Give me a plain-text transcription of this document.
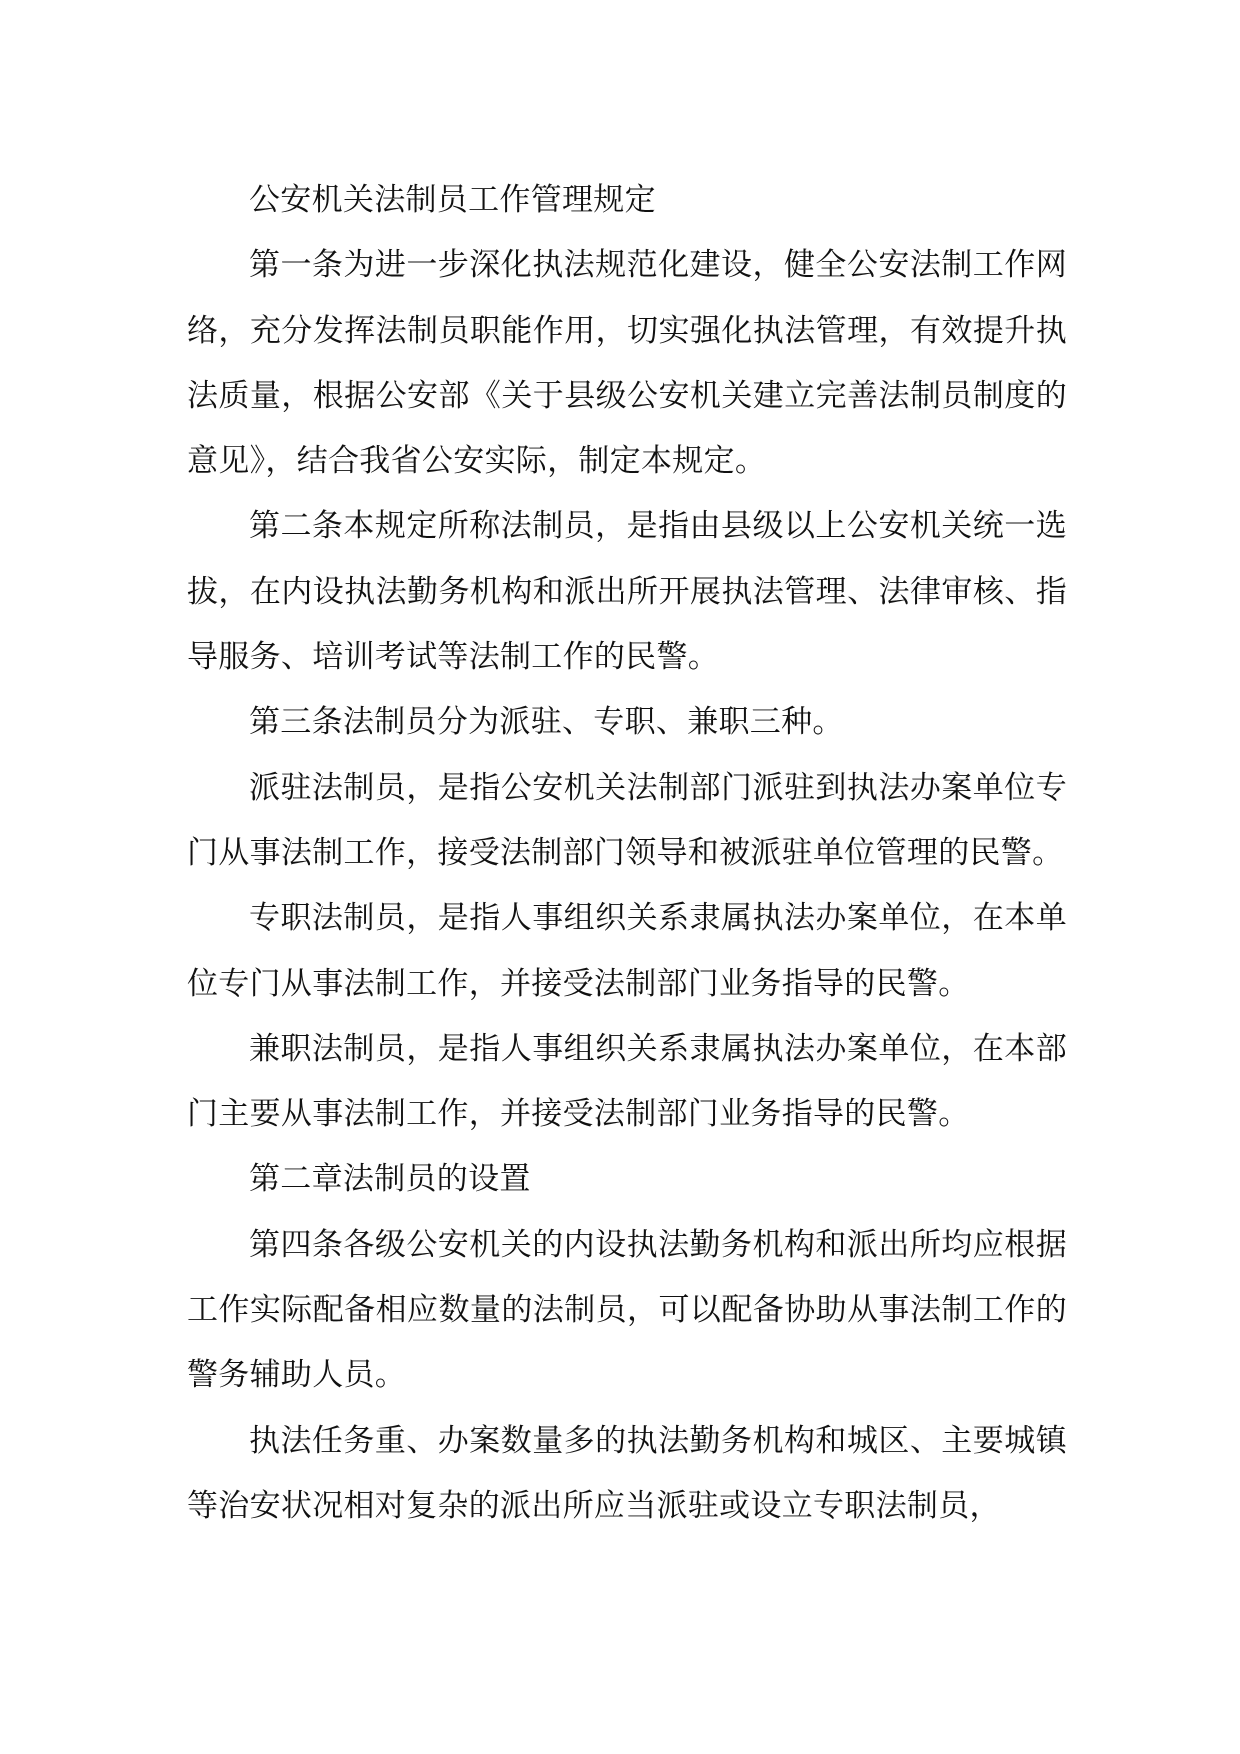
公安机关法制员工作管理规定

第一条为进一步深化执法规范化建设，健全公安法制工作网络，充分发挥法制员职能作用，切实强化执法管理，有效提升执法质量，根据公安部《关于县级公安机关建立完善法制员制度的意见》，结合我省公安实际，制定本规定。

第二条本规定所称法制员，是指由县级以上公安机关统一选拔，在内设执法勤务机构和派出所开展执法管理、法律审核、指导服务、培训考试等法制工作的民警。

第三条法制员分为派驻、专职、兼职三种。

派驻法制员，是指公安机关法制部门派驻到执法办案单位专门从事法制工作，接受法制部门领导和被派驻单位管理的民警。

专职法制员，是指人事组织关系隶属执法办案单位，在本单位专门从事法制工作，并接受法制部门业务指导的民警。

兼职法制员，是指人事组织关系隶属执法办案单位，在本部门主要从事法制工作，并接受法制部门业务指导的民警。

第二章法制员的设置

第四条各级公安机关的内设执法勤务机构和派出所均应根据工作实际配备相应数量的法制员，可以配备协助从事法制工作的警务辅助人员。

执法任务重、办案数量多的执法勤务机构和城区、主要城镇等治安状况相对复杂的派出所应当派驻或设立专职法制员，
